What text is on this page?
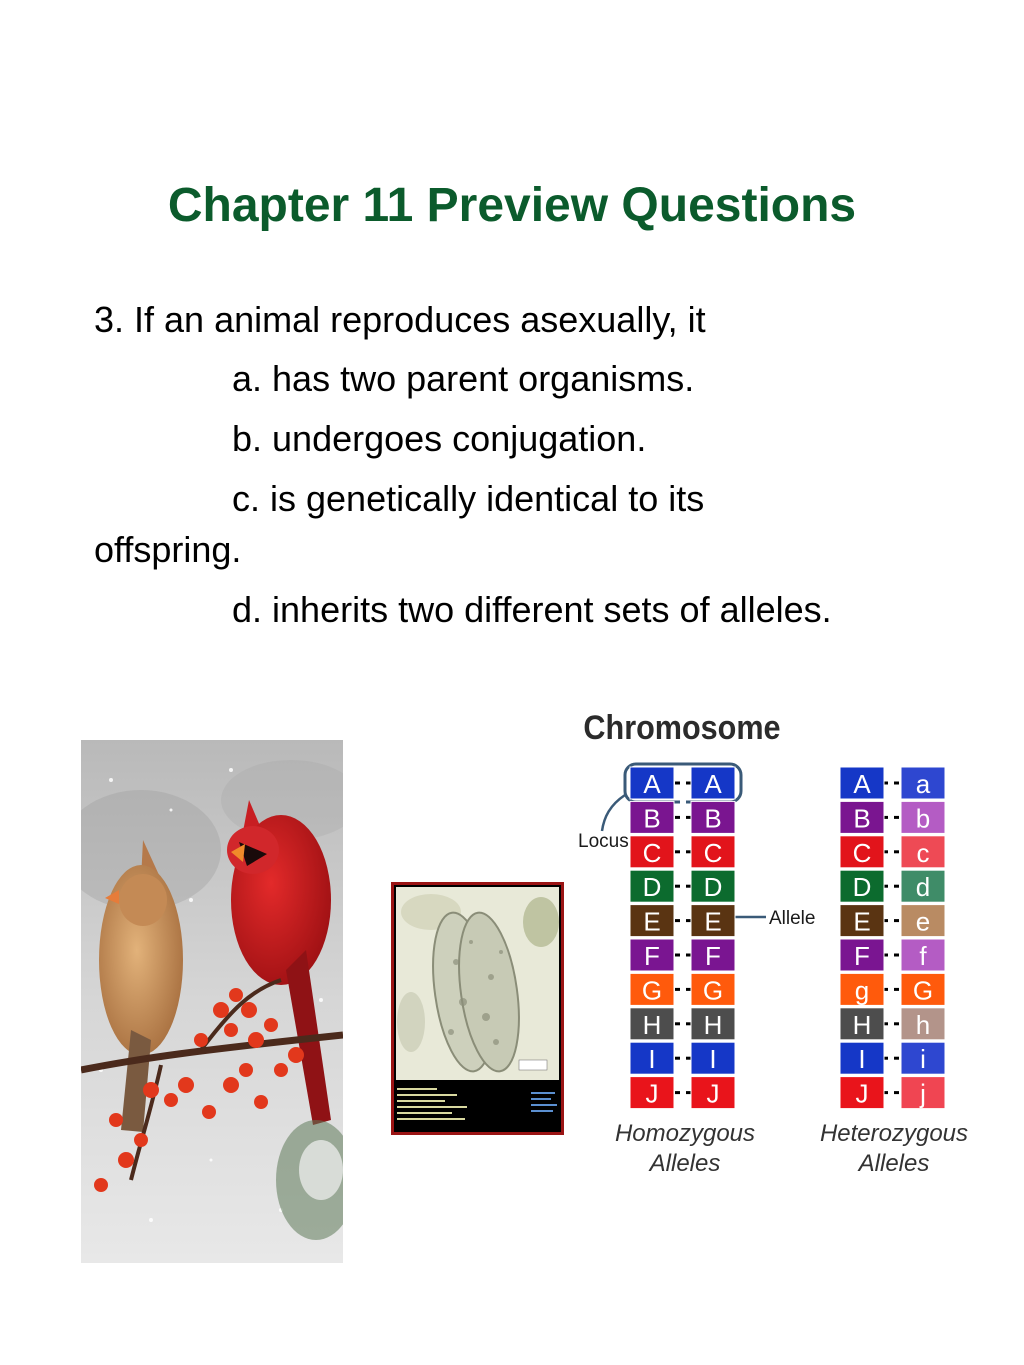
Chapter 11 Preview Questions
3. If an animal reproduces asexually, it
a. has two parent organisms.
b. undergoes conjugation.
c. is genetically identical to its
offspring.
d. inherits two different sets of alleles.
Chromosome
Locus
Allele
A
B
C
D
E
F
G
H
I
J
A
B
C
D
E
F
G
H
I
J
A
B
C
D
E
F
g
H
I
J
a
b
c
d
e
f
G
h
i
j
Homozygous
Alleles
Heterozygous
Alleles
